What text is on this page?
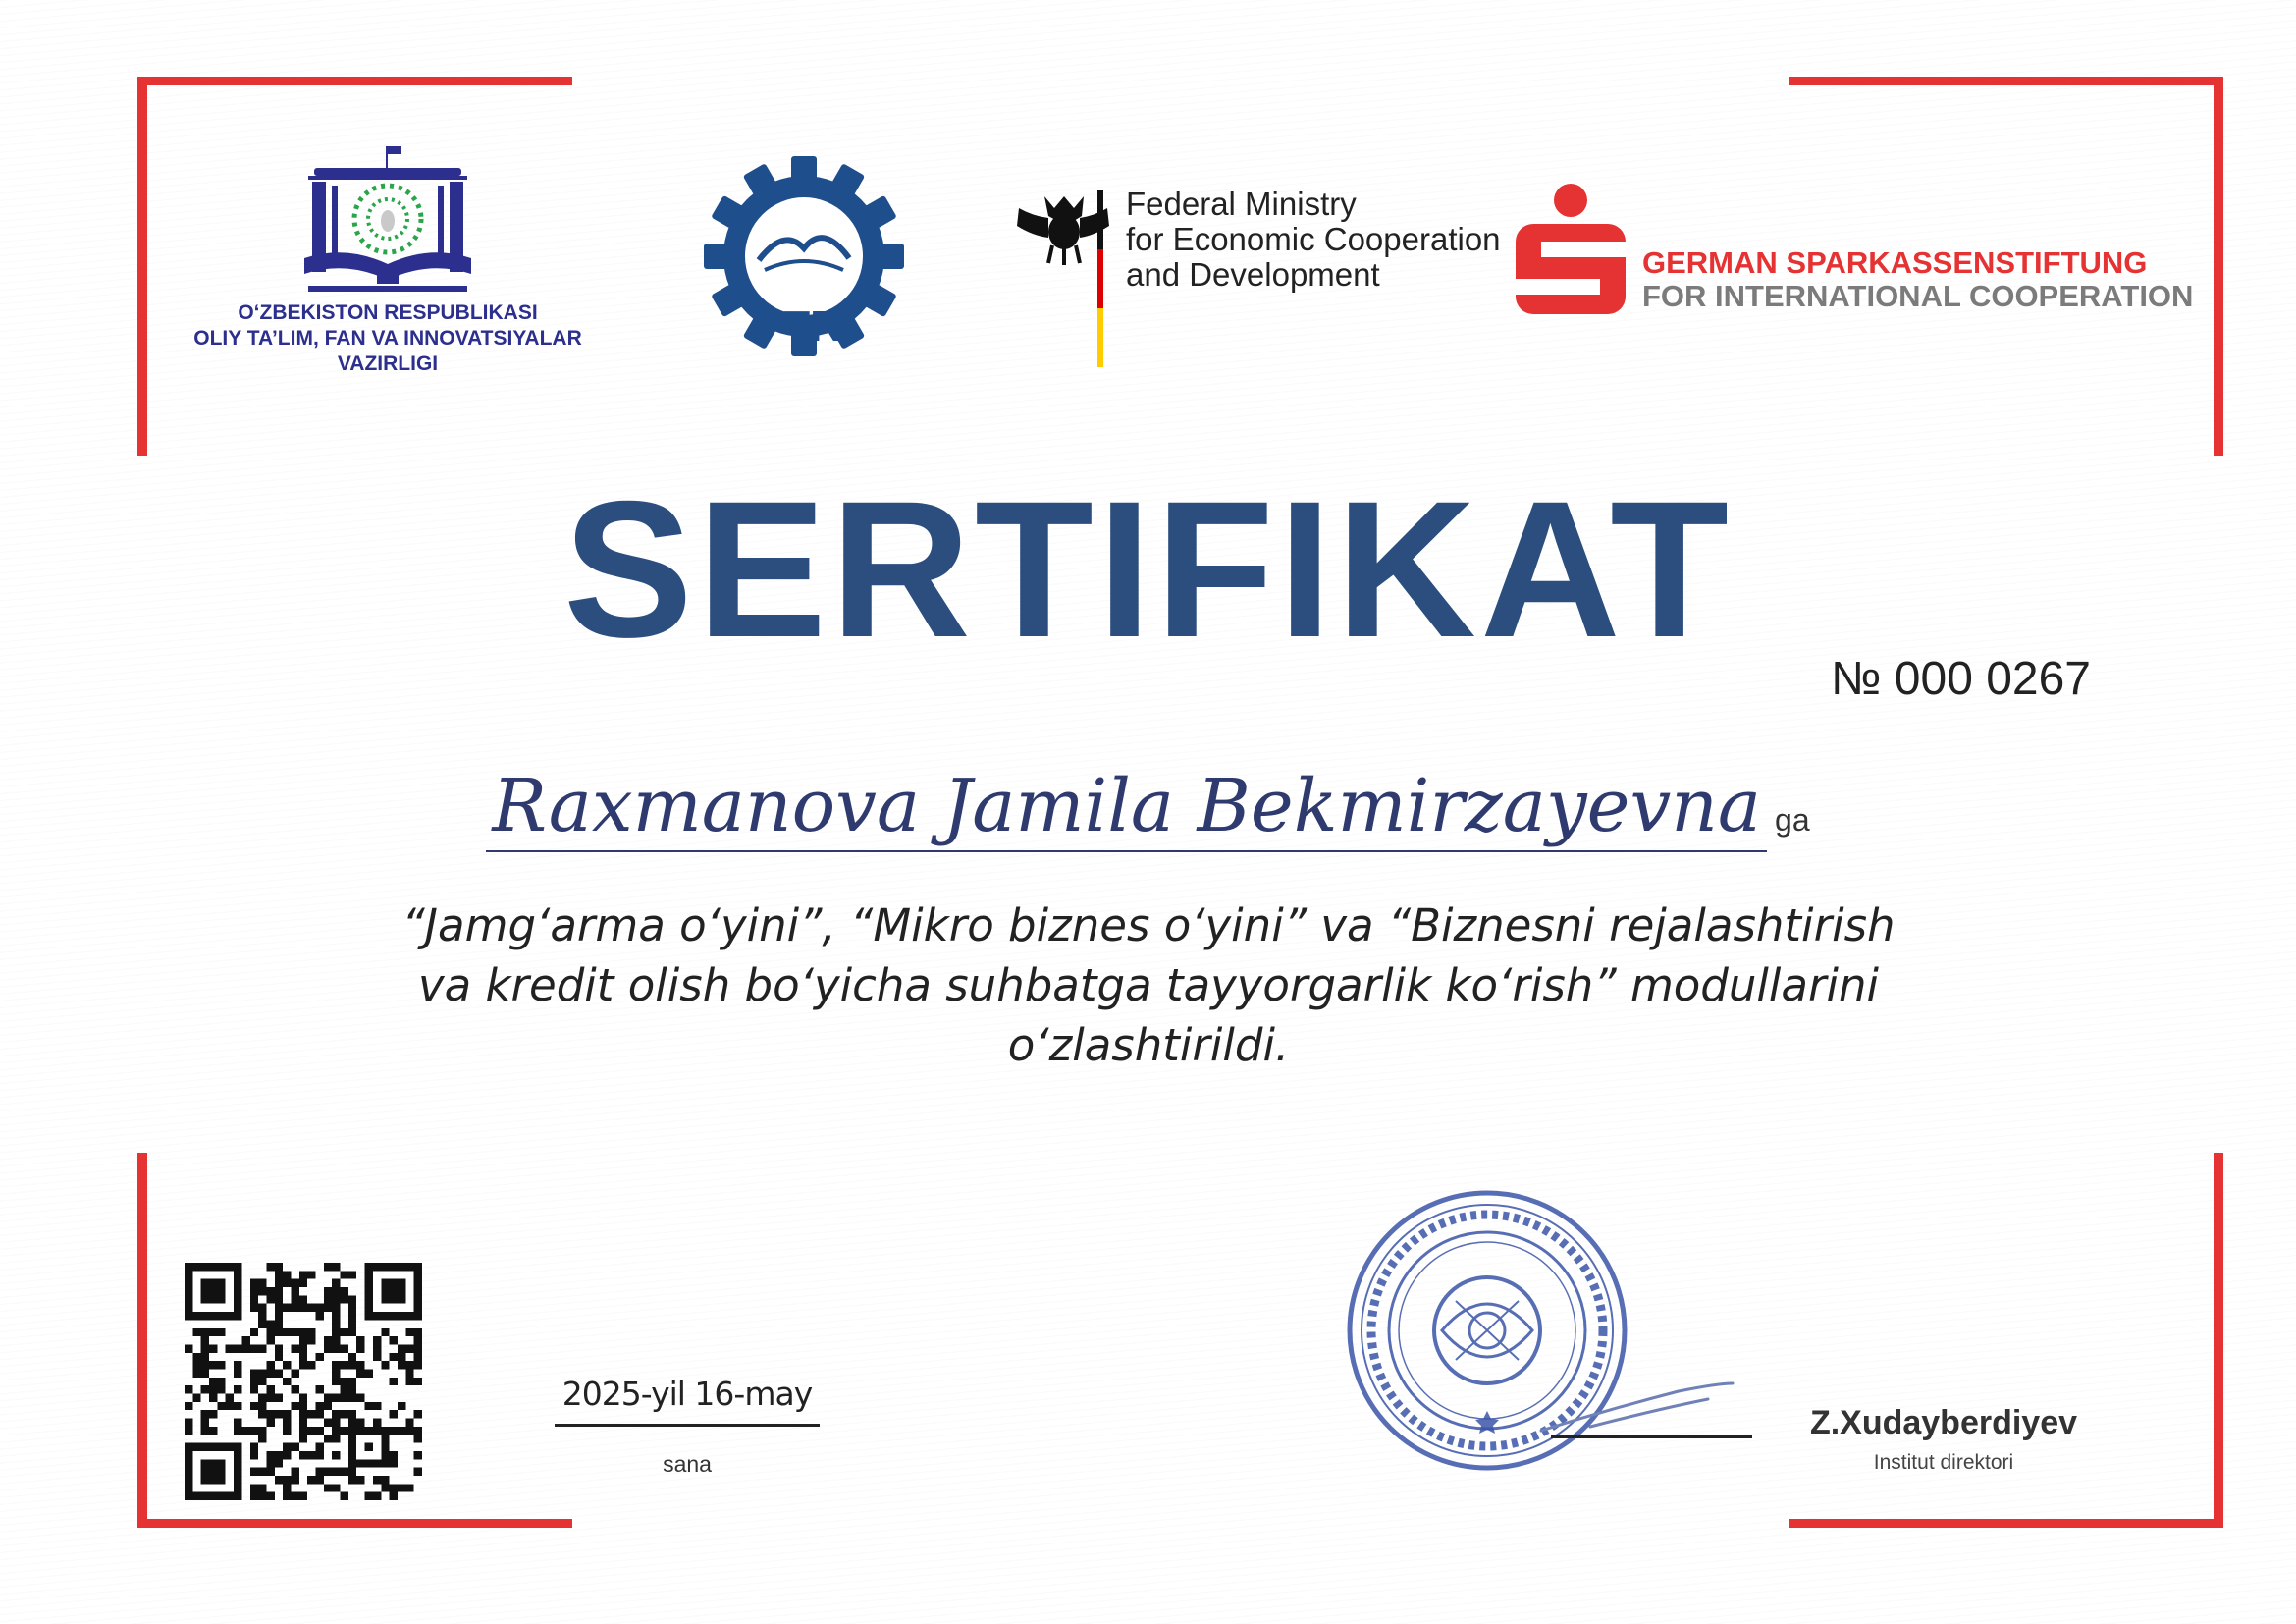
O‘ZBEKISTON RESPUBLIKASI
OLIY TA’LIM, FAN VA INNOVATSIYALAR
VAZIRLIGI
PTRI
Federal Ministry
for Economic Cooperation
and Development	GERMAN SPARKASSENSTIFTUNG
FOR INTERNATIONAL COOPERATION
SERTIFIKAT
№ 000 0267
Raxmanova Jamila Bekmirzayevna ga
“Jamg‘arma o‘yini”, “Mikro biznes o‘yini” va “Biznesni rejalashtirish
va kredit olish bo‘yicha suhbatga tayyorgarlik ko‘rish” modullarini
o‘zlashtirildi.
2025-yil 16-may
sana
Z.Xudayberdiyev
Institut direktori
